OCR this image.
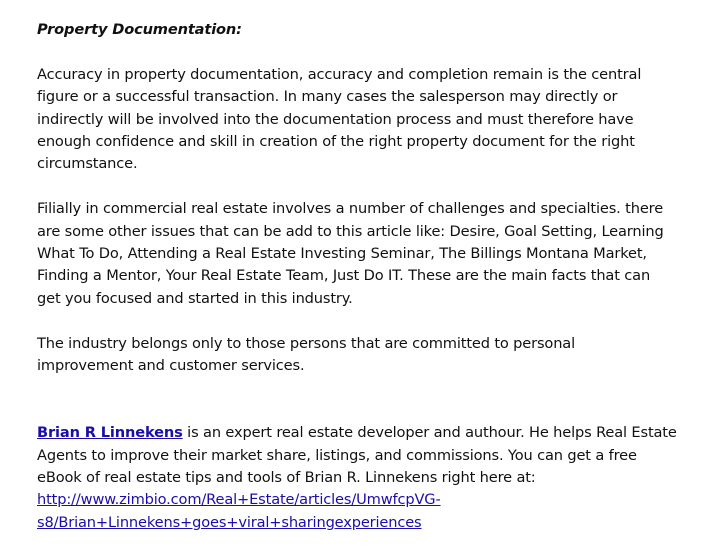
Property Documentation:

Accuracy in property documentation, accuracy and completion remain is the central
figure or a successful transaction. In many cases the salesperson may directly or
indirectly will be involved into the documentation process and must therefore have
enough confidence and skill in creation of the right property document for the right
circumstance.

Filially in commercial real estate involves a number of challenges and specialties. there
are some other issues that can be add to this article like: Desire, Goal Setting, Learning
What To Do, Attending a Real Estate Investing Seminar, The Billings Montana Market,
Finding a Mentor, Your Real Estate Team, Just Do IT. These are the main facts that can
get you focused and started in this industry.

The industry belongs only to those persons that are committed to personal
improvement and customer services.

Brian R Linnekens is an expert real estate developer and authour. He helps Real Estate
Agents to improve their market share, listings, and commissions. You can get a free
eBook of real estate tips and tools of Brian R. Linnekens right here at:
http://www.zimbio.com/Real+Estate/articles/UmwfcpVG-
s8/Brian+Linnekens+goes+viral+sharingexperiences
